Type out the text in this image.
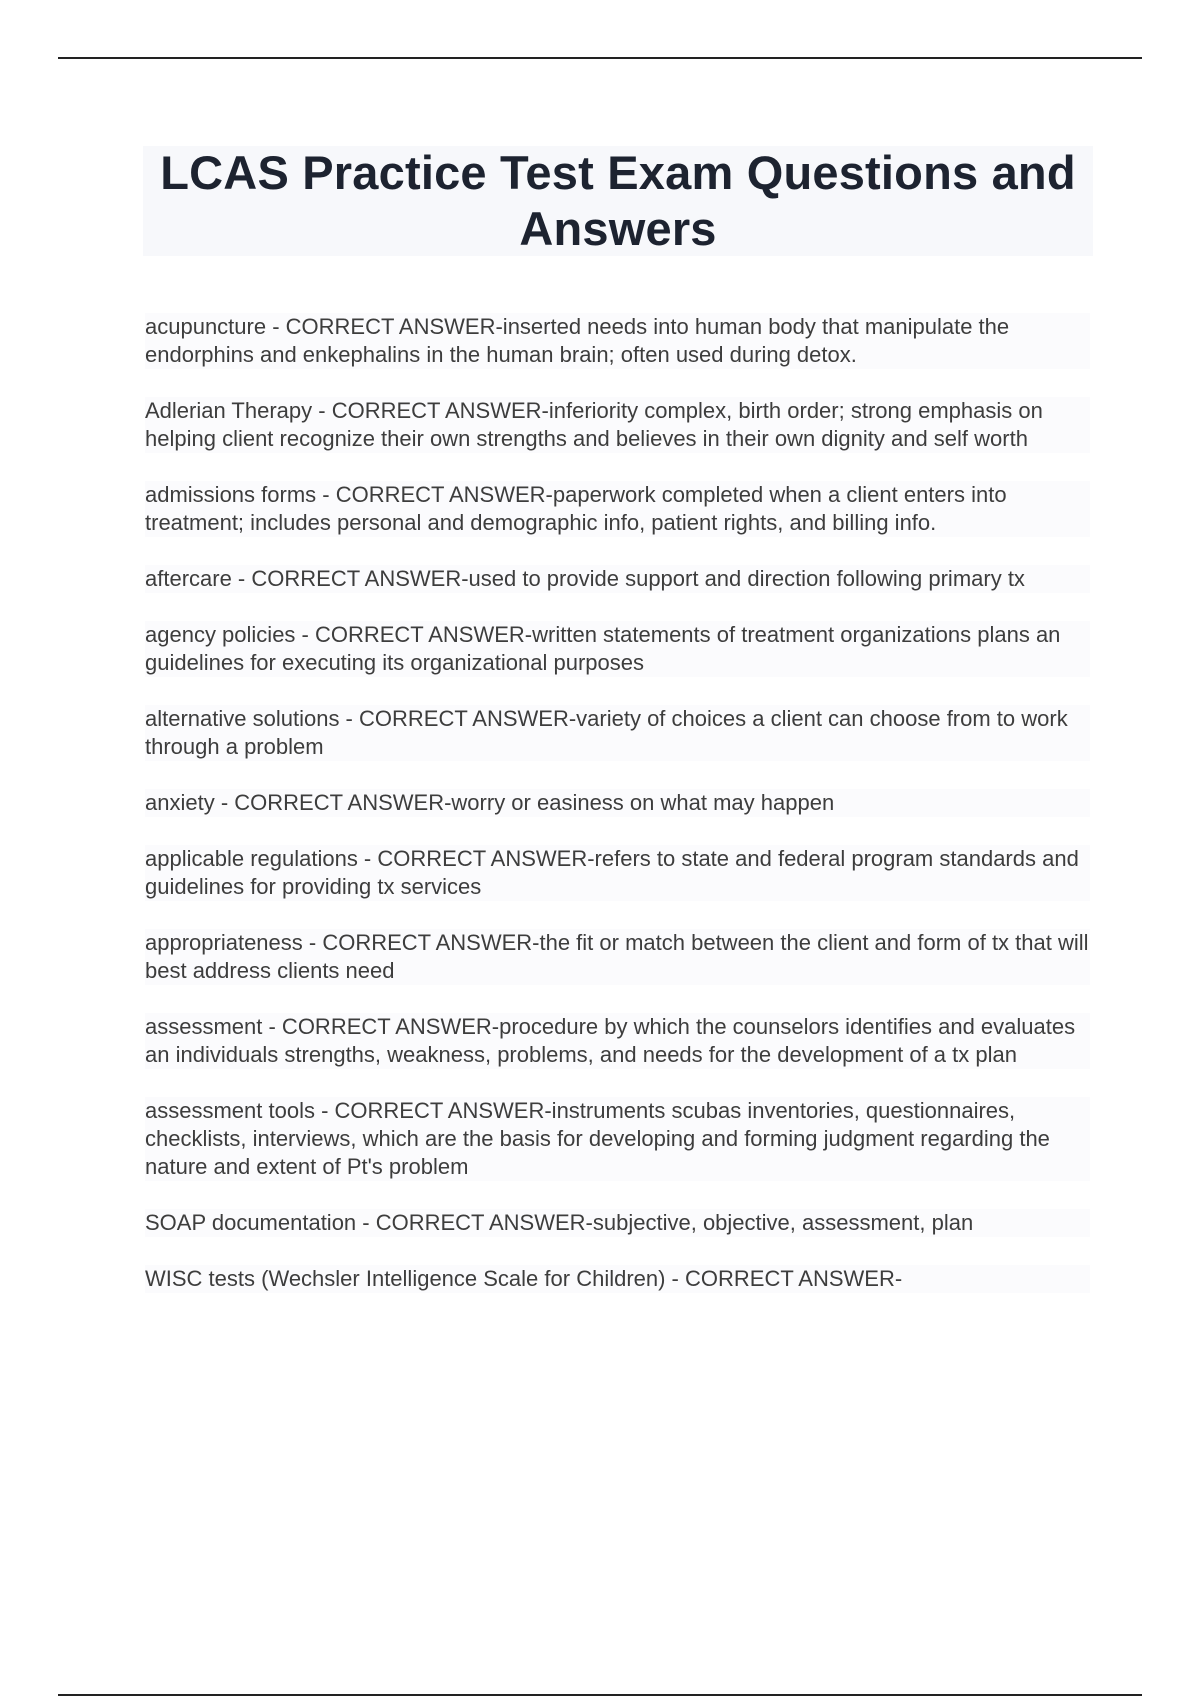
LCAS Practice Test Exam Questions and Answers

acupuncture - CORRECT ANSWER-inserted needs into human body that manipulate the endorphins and enkephalins in the human brain; often used during detox.

Adlerian Therapy - CORRECT ANSWER-inferiority complex, birth order; strong emphasis on helping client recognize their own strengths and believes in their own dignity and self worth

admissions forms - CORRECT ANSWER-paperwork completed when a client enters into treatment; includes personal and demographic info, patient rights, and billing info.

aftercare - CORRECT ANSWER-used to provide support and direction following primary tx

agency policies - CORRECT ANSWER-written statements of treatment organizations plans an guidelines for executing its organizational purposes

alternative solutions - CORRECT ANSWER-variety of choices a client can choose from to work through a problem

anxiety - CORRECT ANSWER-worry or easiness on what may happen

applicable regulations - CORRECT ANSWER-refers to state and federal program standards and guidelines for providing tx services

appropriateness - CORRECT ANSWER-the fit or match between the client and form of tx that will best address clients need

assessment - CORRECT ANSWER-procedure by which the counselors identifies and evaluates an individuals strengths, weakness, problems, and needs for the development of a tx plan

assessment tools - CORRECT ANSWER-instruments scubas inventories, questionnaires, checklists, interviews, which are the basis for developing and forming judgment regarding the nature and extent of Pt's problem

SOAP documentation - CORRECT ANSWER-subjective, objective, assessment, plan

WISC tests (Wechsler Intelligence Scale for Children) - CORRECT ANSWER-
